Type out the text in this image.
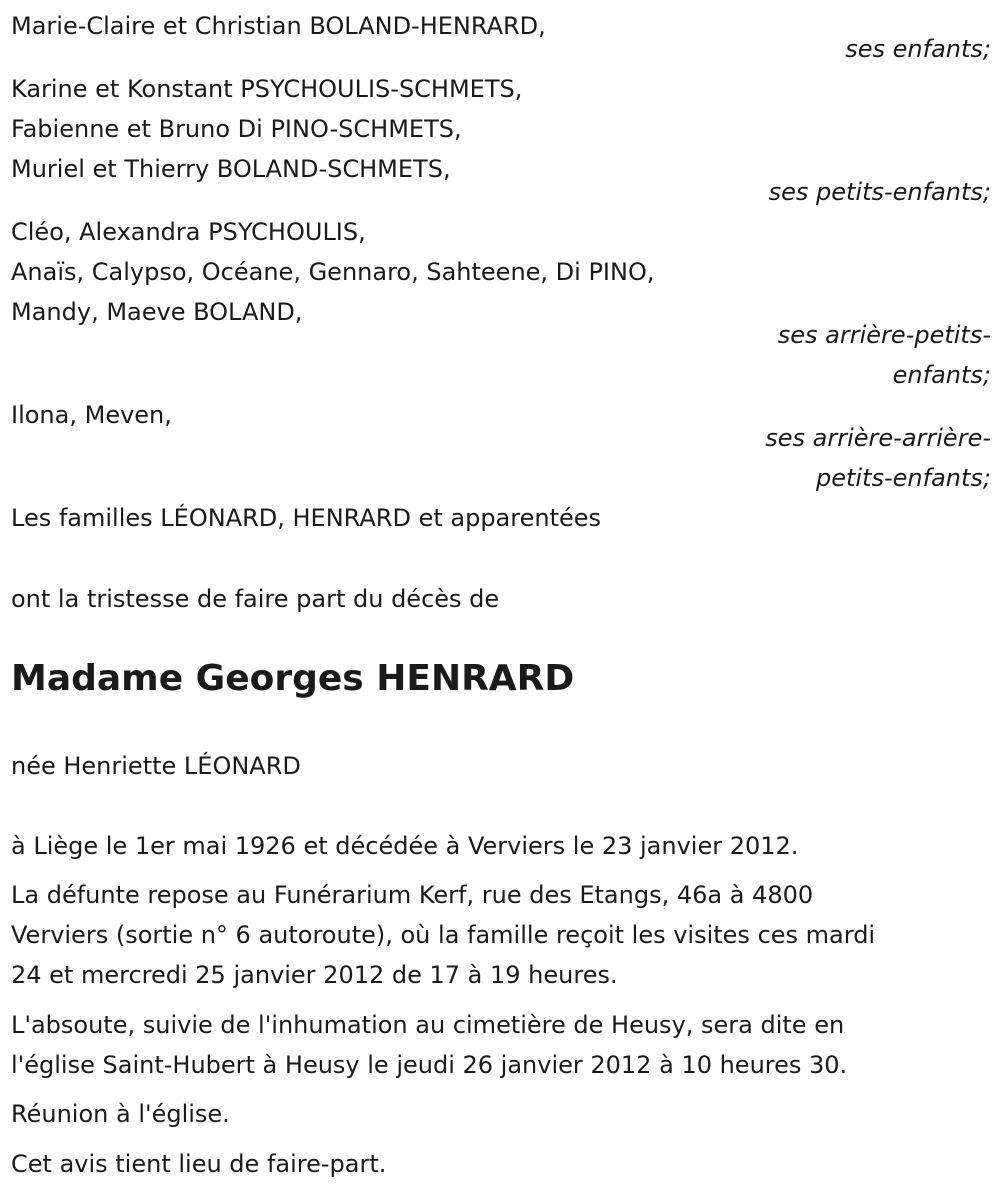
Marie-Claire et Christian BOLAND-HENRARD,
ses enfants;
Karine et Konstant PSYCHOULIS-SCHMETS,
Fabienne et Bruno Di PINO-SCHMETS,
Muriel et Thierry BOLAND-SCHMETS,
ses petits-enfants;
Cléo, Alexandra PSYCHOULIS,
Anaïs, Calypso, Océane, Gennaro, Sahteene, Di PINO,
Mandy, Maeve BOLAND,
ses arrière-petits-
enfants;
Ilona, Meven,
ses arrière-arrière-
petits-enfants;
Les familles LÉONARD, HENRARD et apparentées
ont la tristesse de faire part du décès de
Madame Georges HENRARD
née Henriette LÉONARD
à Liège le 1er mai 1926 et décédée à Verviers le 23 janvier 2012.
La défunte repose au Funérarium Kerf, rue des Etangs, 46a à 4800
Verviers (sortie n° 6 autoroute), où la famille reçoit les visites ces mardi
24 et mercredi 25 janvier 2012 de 17 à 19 heures.
L'absoute, suivie de l'inhumation au cimetière de Heusy, sera dite en
l'église Saint-Hubert à Heusy le jeudi 26 janvier 2012 à 10 heures 30.
Réunion à l'église.
Cet avis tient lieu de faire-part.
